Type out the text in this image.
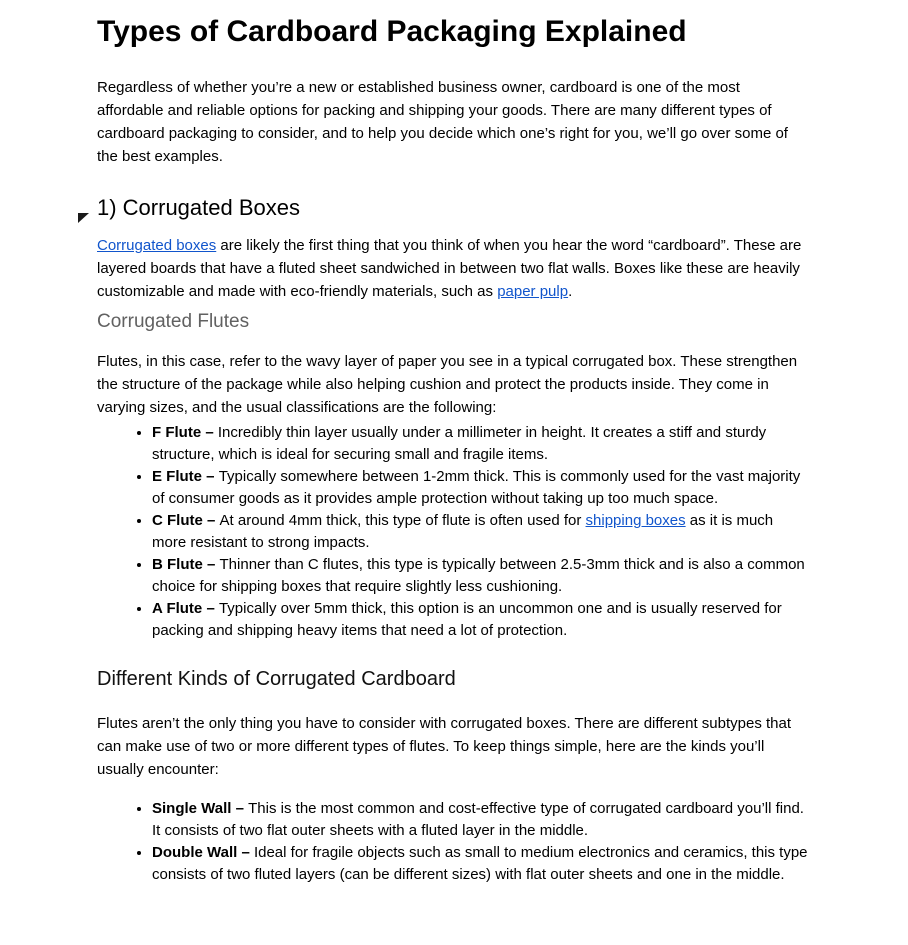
Types of Cardboard Packaging Explained

Regardless of whether you’re a new or established business owner, cardboard is one of the most affordable and reliable options for packing and shipping your goods. There are many different types of cardboard packaging to consider, and to help you decide which one’s right for you, we’ll go over some of the best examples.

1) Corrugated Boxes

Corrugated boxes are likely the first thing that you think of when you hear the word “cardboard”. These are layered boards that have a fluted sheet sandwiched in between two flat walls. Boxes like these are heavily customizable and made with eco-friendly materials, such as paper pulp.

Corrugated Flutes

Flutes, in this case, refer to the wavy layer of paper you see in a typical corrugated box. These strengthen the structure of the package while also helping cushion and protect the products inside. They come in varying sizes, and the usual classifications are the following:

• F Flute – Incredibly thin layer usually under a millimeter in height. It creates a stiff and sturdy structure, which is ideal for securing small and fragile items.
• E Flute – Typically somewhere between 1-2mm thick. This is commonly used for the vast majority of consumer goods as it provides ample protection without taking up too much space.
• C Flute – At around 4mm thick, this type of flute is often used for shipping boxes as it is much more resistant to strong impacts.
• B Flute – Thinner than C flutes, this type is typically between 2.5-3mm thick and is also a common choice for shipping boxes that require slightly less cushioning.
• A Flute – Typically over 5mm thick, this option is an uncommon one and is usually reserved for packing and shipping heavy items that need a lot of protection.
Different Kinds of Corrugated Cardboard

Flutes aren’t the only thing you have to consider with corrugated boxes. There are different subtypes that can make use of two or more different types of flutes. To keep things simple, here are the kinds you’ll usually encounter:

• Single Wall – This is the most common and cost-effective type of corrugated cardboard you’ll find. It consists of two flat outer sheets with a fluted layer in the middle.
• Double Wall – Ideal for fragile objects such as small to medium electronics and ceramics, this type consists of two fluted layers (can be different sizes) with flat outer sheets and one in the middle.
